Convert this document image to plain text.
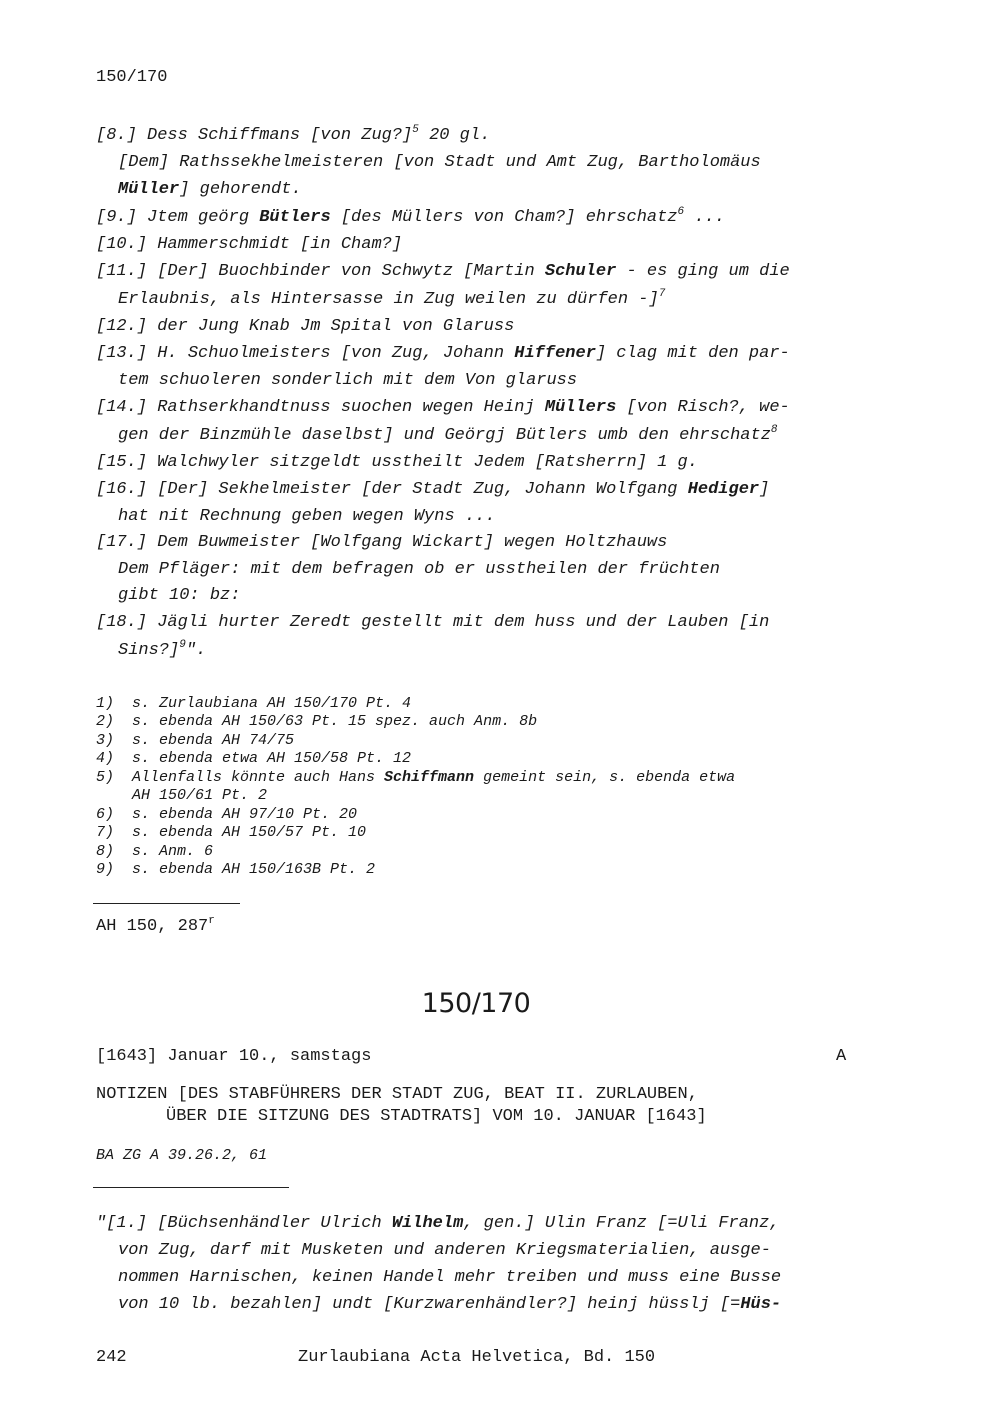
150/170
[8.] Dess Schiffmans [von Zug?]$^5$ 20 gl.
[Dem] Rathssekhelmeisteren [von Stadt und Amt Zug, Bartholomäus
Müller] gehorendt.
[9.] Jtem geörg Bütlers [des Müllers von Cham?] ehrschatz$^6$ ...
[10.] Hammerschmidt [in Cham?]
[11.] [Der] Buochbinder von Schwytz [Martin Schuler - es ging um die
Erlaubnis, als Hintersasse in Zug weilen zu dürfen -]$^7$
[12.] der Jung Knab Jm Spital von Glaruss
[13.] H. Schuolmeisters [von Zug, Johann Hiffener] clag mit den par-
tem schuoleren sonderlich mit dem Von glaruss
[14.] Rathserkhandtnuss suochen wegen Heinj Müllers [von Risch?, we-
gen der Binzmühle daselbst] und Geörgj Bütlers umb den ehrschatz$^8$
[15.] Walchwyler sitzgeldt usstheilt Jedem [Ratsherrn] 1 g.
[16.] [Der] Sekhelmeister [der Stadt Zug, Johann Wolfgang Hediger]
hat nit Rechnung geben wegen Wyns ...
[17.] Dem Buwmeister [Wolfgang Wickart] wegen Holtzhauws
Dem Pfläger: mit dem befragen ob er usstheilen der früchten
gibt 10: bz:
[18.] Jägli hurter Zeredt gestellt mit dem huss und der Lauben [in
Sins?]$^9$".
1)  s. Zurlaubiana AH 150/170 Pt. 4
2)  s. ebenda AH 150/63 Pt. 15 spez. auch Anm. 8b
3)  s. ebenda AH 74/75
4)  s. ebenda etwa AH 150/58 Pt. 12
5)  Allenfalls könnte auch Hans Schiffmann gemeint sein, s. ebenda etwa
AH 150/61 Pt. 2
6)  s. ebenda AH 97/10 Pt. 20
7)  s. ebenda AH 150/57 Pt. 10
8)  s. Anm. 6
9)  s. ebenda AH 150/163B Pt. 2
AH 150, 287$^r$
150/170
[1643] Januar 10., samstags	A
NOTIZEN [DES STABFÜHRERS DER STADT ZUG, BEAT II. ZURLAUBEN,
ÜBER DIE SITZUNG DES STADTRATS] VOM 10. JANUAR [1643]
BA ZG A 39.26.2, 61
"[1.] [Büchsenhändler Ulrich Wilhelm, gen.] Ulin Franz [=Uli Franz,
von Zug, darf mit Musketen und anderen Kriegsmaterialien, ausge-
nommen Harnischen, keinen Handel mehr treiben und muss eine Busse
von 10 lb. bezahlen] undt [Kurzwarenhändler?] heinj hüsslj [=Hüs-
242	Zurlaubiana Acta Helvetica, Bd. 150
